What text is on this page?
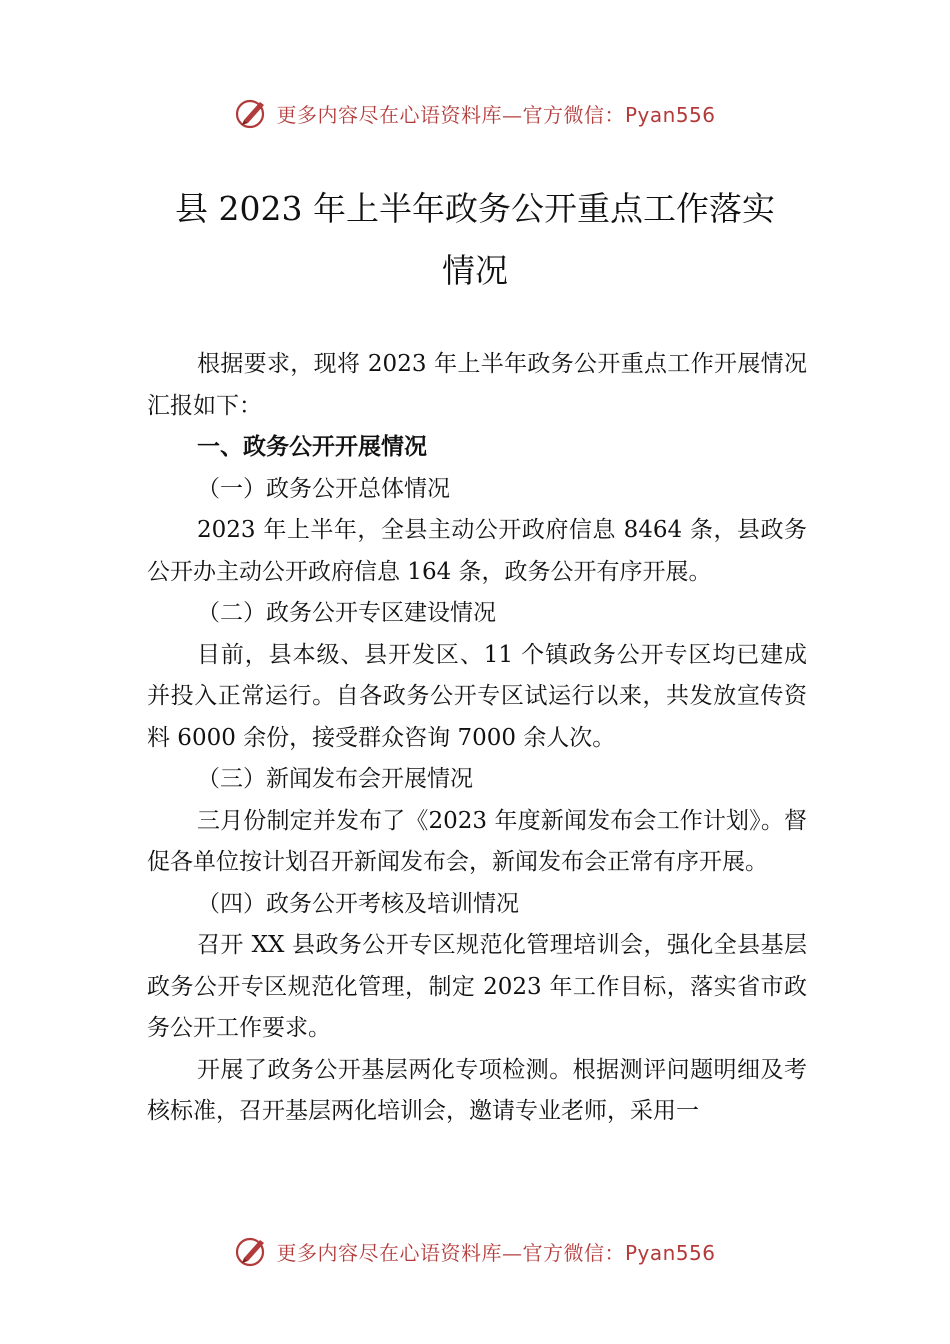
更多内容尽在心语资料库—官方微信：Pyan556
县 2023 年上半年政务公开重点工作落实
情况

根据要求，现将 2023 年上半年政务公开重点工作开展情况汇报如下：

一、政务公开开展情况

（一）政务公开总体情况

2023 年上半年，全县主动公开政府信息 8464 条，县政务公开办主动公开政府信息 164 条，政务公开有序开展。

（二）政务公开专区建设情况

目前，县本级、县开发区、11 个镇政务公开专区均已建成并投入正常运行。自各政务公开专区试运行以来，共发放宣传资料 6000 余份，接受群众咨询 7000 余人次。

（三）新闻发布会开展情况

三月份制定并发布了《2023 年度新闻发布会工作计划》。督促各单位按计划召开新闻发布会，新闻发布会正常有序开展。

（四）政务公开考核及培训情况

召开 XX 县政务公开专区规范化管理培训会，强化全县基层政务公开专区规范化管理，制定 2023 年工作目标，落实省市政务公开工作要求。

开展了政务公开基层两化专项检测。根据测评问题明细及考核标准，召开基层两化培训会，邀请专业老师，采用一

更多内容尽在心语资料库—官方微信：Pyan556
